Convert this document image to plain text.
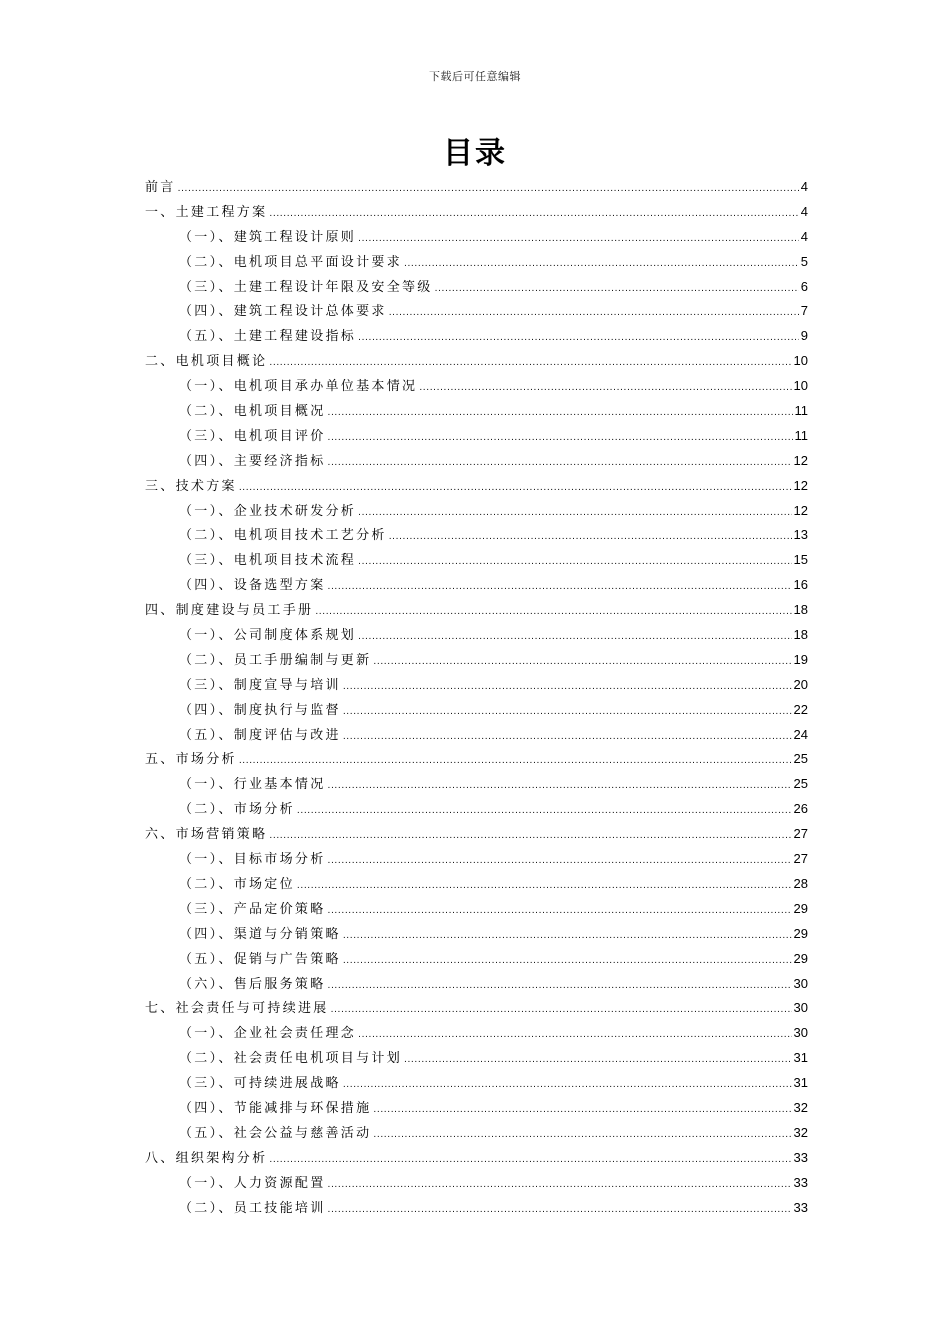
下载后可任意编辑
目录
前言 .....	4
一、土建工程方案 .....	4
（一）、建筑工程设计原则 .....	4
（二）、电机项目总平面设计要求 .....	5
（三）、土建工程设计年限及安全等级 .....	6
（四）、建筑工程设计总体要求 .....	7
（五）、土建工程建设指标 .....	9
二、电机项目概论 .....	10
（一）、电机项目承办单位基本情况 .....	10
（二）、电机项目概况 .....	11
（三）、电机项目评价 .....	11
（四）、主要经济指标 .....	12
三、技术方案 .....	12
（一）、企业技术研发分析 .....	12
（二）、电机项目技术工艺分析 .....	13
（三）、电机项目技术流程 .....	15
（四）、设备选型方案 .....	16
四、制度建设与员工手册 .....	18
（一）、公司制度体系规划 .....	18
（二）、员工手册编制与更新 .....	19
（三）、制度宣导与培训 .....	20
（四）、制度执行与监督 .....	22
（五）、制度评估与改进 .....	24
五、市场分析 .....	25
（一）、行业基本情况 .....	25
（二）、市场分析 .....	26
六、市场营销策略 .....	27
（一）、目标市场分析 .....	27
（二）、市场定位 .....	28
（三）、产品定价策略 .....	29
（四）、渠道与分销策略 .....	29
（五）、促销与广告策略 .....	29
（六）、售后服务策略 .....	30
七、社会责任与可持续进展 .....	30
（一）、企业社会责任理念 .....	30
（二）、社会责任电机项目与计划 .....	31
（三）、可持续进展战略 .....	31
（四）、节能减排与环保措施 .....	32
（五）、社会公益与慈善活动 .....	32
八、组织架构分析 .....	33
（一）、人力资源配置 .....	33
（二）、员工技能培训 .....	33
